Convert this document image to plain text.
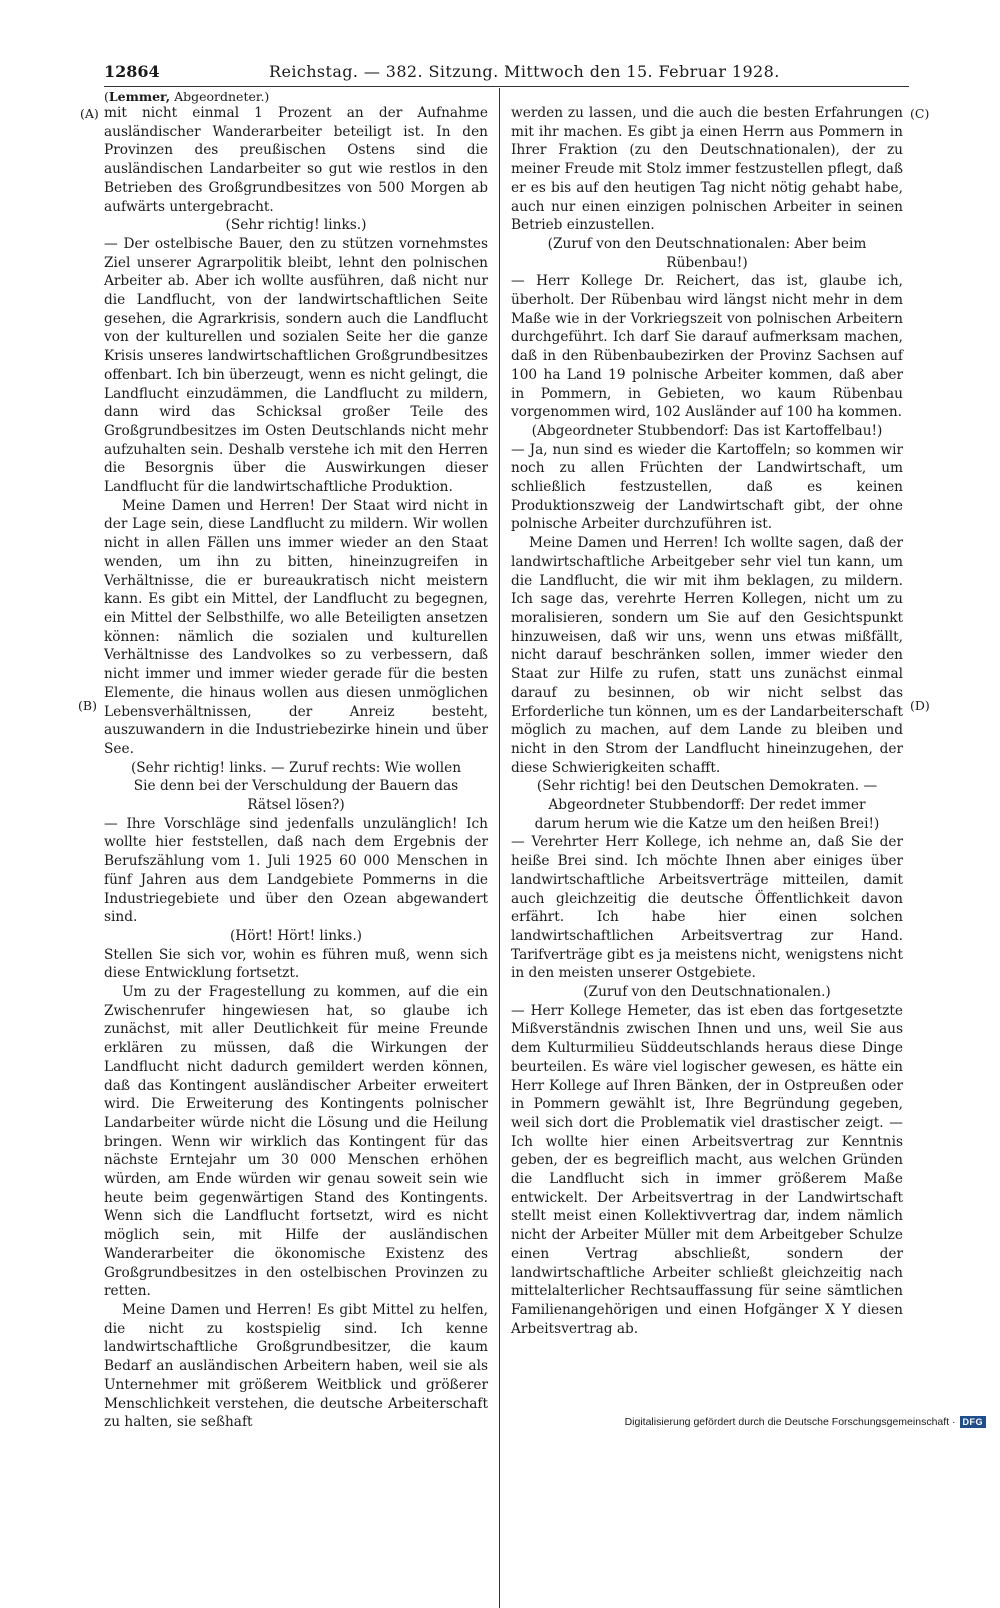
12864	Reichstag. — 382. Sitzung. Mittwoch den 15. Februar 1928.
(Lemmer, Abgeordneter.)
(A)
(B)
(C)
(D)

mit nicht einmal 1 Prozent an der Aufnahme ausländischer Wanderarbeiter beteiligt ist. In den Provinzen des preußischen Ostens sind die ausländischen Landarbeiter so gut wie restlos in den Betrieben des Großgrundbesitzes von 500 Morgen ab aufwärts untergebracht.

(Sehr richtig! links.)

— Der ostelbische Bauer, den zu stützen vornehmstes Ziel unserer Agrarpolitik bleibt, lehnt den polnischen Arbeiter ab. Aber ich wollte ausführen, daß nicht nur die Landflucht, von der landwirtschaftlichen Seite gesehen, die Agrarkrisis, sondern auch die Landflucht von der kulturellen und sozialen Seite her die ganze Krisis unseres landwirtschaftlichen Großgrundbesitzes offenbart. Ich bin überzeugt, wenn es nicht gelingt, die Landflucht einzudämmen, die Landflucht zu mildern, dann wird das Schicksal großer Teile des Großgrundbesitzes im Osten Deutschlands nicht mehr aufzuhalten sein. Deshalb verstehe ich mit den Herren die Besorgnis über die Auswirkungen dieser Landflucht für die landwirtschaftliche Produktion.

Meine Damen und Herren! Der Staat wird nicht in der Lage sein, diese Landflucht zu mildern. Wir wollen nicht in allen Fällen uns immer wieder an den Staat wenden, um ihn zu bitten, hineinzugreifen in Verhältnisse, die er bureaukratisch nicht meistern kann. Es gibt ein Mittel, der Landflucht zu begegnen, ein Mittel der Selbsthilfe, wo alle Beteiligten ansetzen können: nämlich die sozialen und kulturellen Verhältnisse des Landvolkes so zu verbessern, daß nicht immer und immer wieder gerade für die besten Elemente, die hinaus wollen aus diesen unmöglichen Lebensverhältnissen, der Anreiz besteht, auszuwandern in die Industriebezirke hinein und über See.

(Sehr richtig! links. — Zuruf rechts: Wie wollen Sie denn bei der Verschuldung der Bauern das Rätsel lösen?)

— Ihre Vorschläge sind jedenfalls unzulänglich! Ich wollte hier feststellen, daß nach dem Ergebnis der Berufszählung vom 1. Juli 1925 60 000 Menschen in fünf Jahren aus dem Landgebiete Pommerns in die Industriegebiete und über den Ozean abgewandert sind.

(Hört! Hört! links.)

Stellen Sie sich vor, wohin es führen muß, wenn sich diese Entwicklung fortsetzt.

Um zu der Fragestellung zu kommen, auf die ein Zwischenrufer hingewiesen hat, so glaube ich zunächst, mit aller Deutlichkeit für meine Freunde erklären zu müssen, daß die Wirkungen der Landflucht nicht dadurch gemildert werden können, daß das Kontingent ausländischer Arbeiter erweitert wird. Die Erweiterung des Kontingents polnischer Landarbeiter würde nicht die Lösung und die Heilung bringen. Wenn wir wirklich das Kontingent für das nächste Erntejahr um 30 000 Menschen erhöhen würden, am Ende würden wir genau soweit sein wie heute beim gegenwärtigen Stand des Kontingents. Wenn sich die Landflucht fortsetzt, wird es nicht möglich sein, mit Hilfe der ausländischen Wanderarbeiter die ökonomische Existenz des Großgrundbesitzes in den ostelbischen Provinzen zu retten.

Meine Damen und Herren! Es gibt Mittel zu helfen, die nicht zu kostspielig sind. Ich kenne landwirtschaftliche Großgrundbesitzer, die kaum Bedarf an ausländischen Arbeitern haben, weil sie als Unternehmer mit größerem Weitblick und größerer Menschlichkeit verstehen, die deutsche Arbeiterschaft zu halten, sie seßhaft

werden zu lassen, und die auch die besten Erfahrungen mit ihr machen. Es gibt ja einen Herrn aus Pommern in Ihrer Fraktion (zu den Deutschnationalen), der zu meiner Freude mit Stolz immer festzustellen pflegt, daß er es bis auf den heutigen Tag nicht nötig gehabt habe, auch nur einen einzigen polnischen Arbeiter in seinen Betrieb einzustellen.

(Zuruf von den Deutschnationalen: Aber beim Rübenbau!)

— Herr Kollege Dr. Reichert, das ist, glaube ich, überholt. Der Rübenbau wird längst nicht mehr in dem Maße wie in der Vorkriegszeit von polnischen Arbeitern durchgeführt. Ich darf Sie darauf aufmerksam machen, daß in den Rübenbaubezirken der Provinz Sachsen auf 100 ha Land 19 polnische Arbeiter kommen, daß aber in Pommern, in Gebieten, wo kaum Rübenbau vorgenommen wird, 102 Ausländer auf 100 ha kommen.

(Abgeordneter Stubbendorf: Das ist Kartoffelbau!)

— Ja, nun sind es wieder die Kartoffeln; so kommen wir noch zu allen Früchten der Landwirtschaft, um schließlich festzustellen, daß es keinen Produktionszweig der Landwirtschaft gibt, der ohne polnische Arbeiter durchzuführen ist.

Meine Damen und Herren! Ich wollte sagen, daß der landwirtschaftliche Arbeitgeber sehr viel tun kann, um die Landflucht, die wir mit ihm beklagen, zu mildern. Ich sage das, verehrte Herren Kollegen, nicht um zu moralisieren, sondern um Sie auf den Gesichtspunkt hinzuweisen, daß wir uns, wenn uns etwas mißfällt, nicht darauf beschränken sollen, immer wieder den Staat zur Hilfe zu rufen, statt uns zunächst einmal darauf zu besinnen, ob wir nicht selbst das Erforderliche tun können, um es der Landarbeiterschaft möglich zu machen, auf dem Lande zu bleiben und nicht in den Strom der Landflucht hineinzugehen, der diese Schwierigkeiten schafft.

(Sehr richtig! bei den Deutschen Demokraten. — Abgeordneter Stubbendorff: Der redet immer darum herum wie die Katze um den heißen Brei!)

— Verehrter Herr Kollege, ich nehme an, daß Sie der heiße Brei sind. Ich möchte Ihnen aber einiges über landwirtschaftliche Arbeitsverträge mitteilen, damit auch gleichzeitig die deutsche Öffentlichkeit davon erfährt. Ich habe hier einen solchen landwirtschaftlichen Arbeitsvertrag zur Hand. Tarifverträge gibt es ja meistens nicht, wenigstens nicht in den meisten unserer Ostgebiete.

(Zuruf von den Deutschnationalen.)

— Herr Kollege Hemeter, das ist eben das fortgesetzte Mißverständnis zwischen Ihnen und uns, weil Sie aus dem Kulturmilieu Süddeutschlands heraus diese Dinge beurteilen. Es wäre viel logischer gewesen, es hätte ein Herr Kollege auf Ihren Bänken, der in Ostpreußen oder in Pommern gewählt ist, Ihre Begründung gegeben, weil sich dort die Problematik viel drastischer zeigt. — Ich wollte hier einen Arbeitsvertrag zur Kenntnis geben, der es begreiflich macht, aus welchen Gründen die Landflucht sich in immer größerem Maße entwickelt. Der Arbeitsvertrag in der Landwirtschaft stellt meist einen Kollektivvertrag dar, indem nämlich nicht der Arbeiter Müller mit dem Arbeitgeber Schulze einen Vertrag abschließt, sondern der landwirtschaftliche Arbeiter schließt gleichzeitig nach mittelalterlicher Rechtsauffassung für seine sämtlichen Familienangehörigen und einen Hofgänger X Y diesen Arbeitsvertrag ab.

Digitalisierung gefördert durch die Deutsche Forschungsgemeinschaft · DFG
